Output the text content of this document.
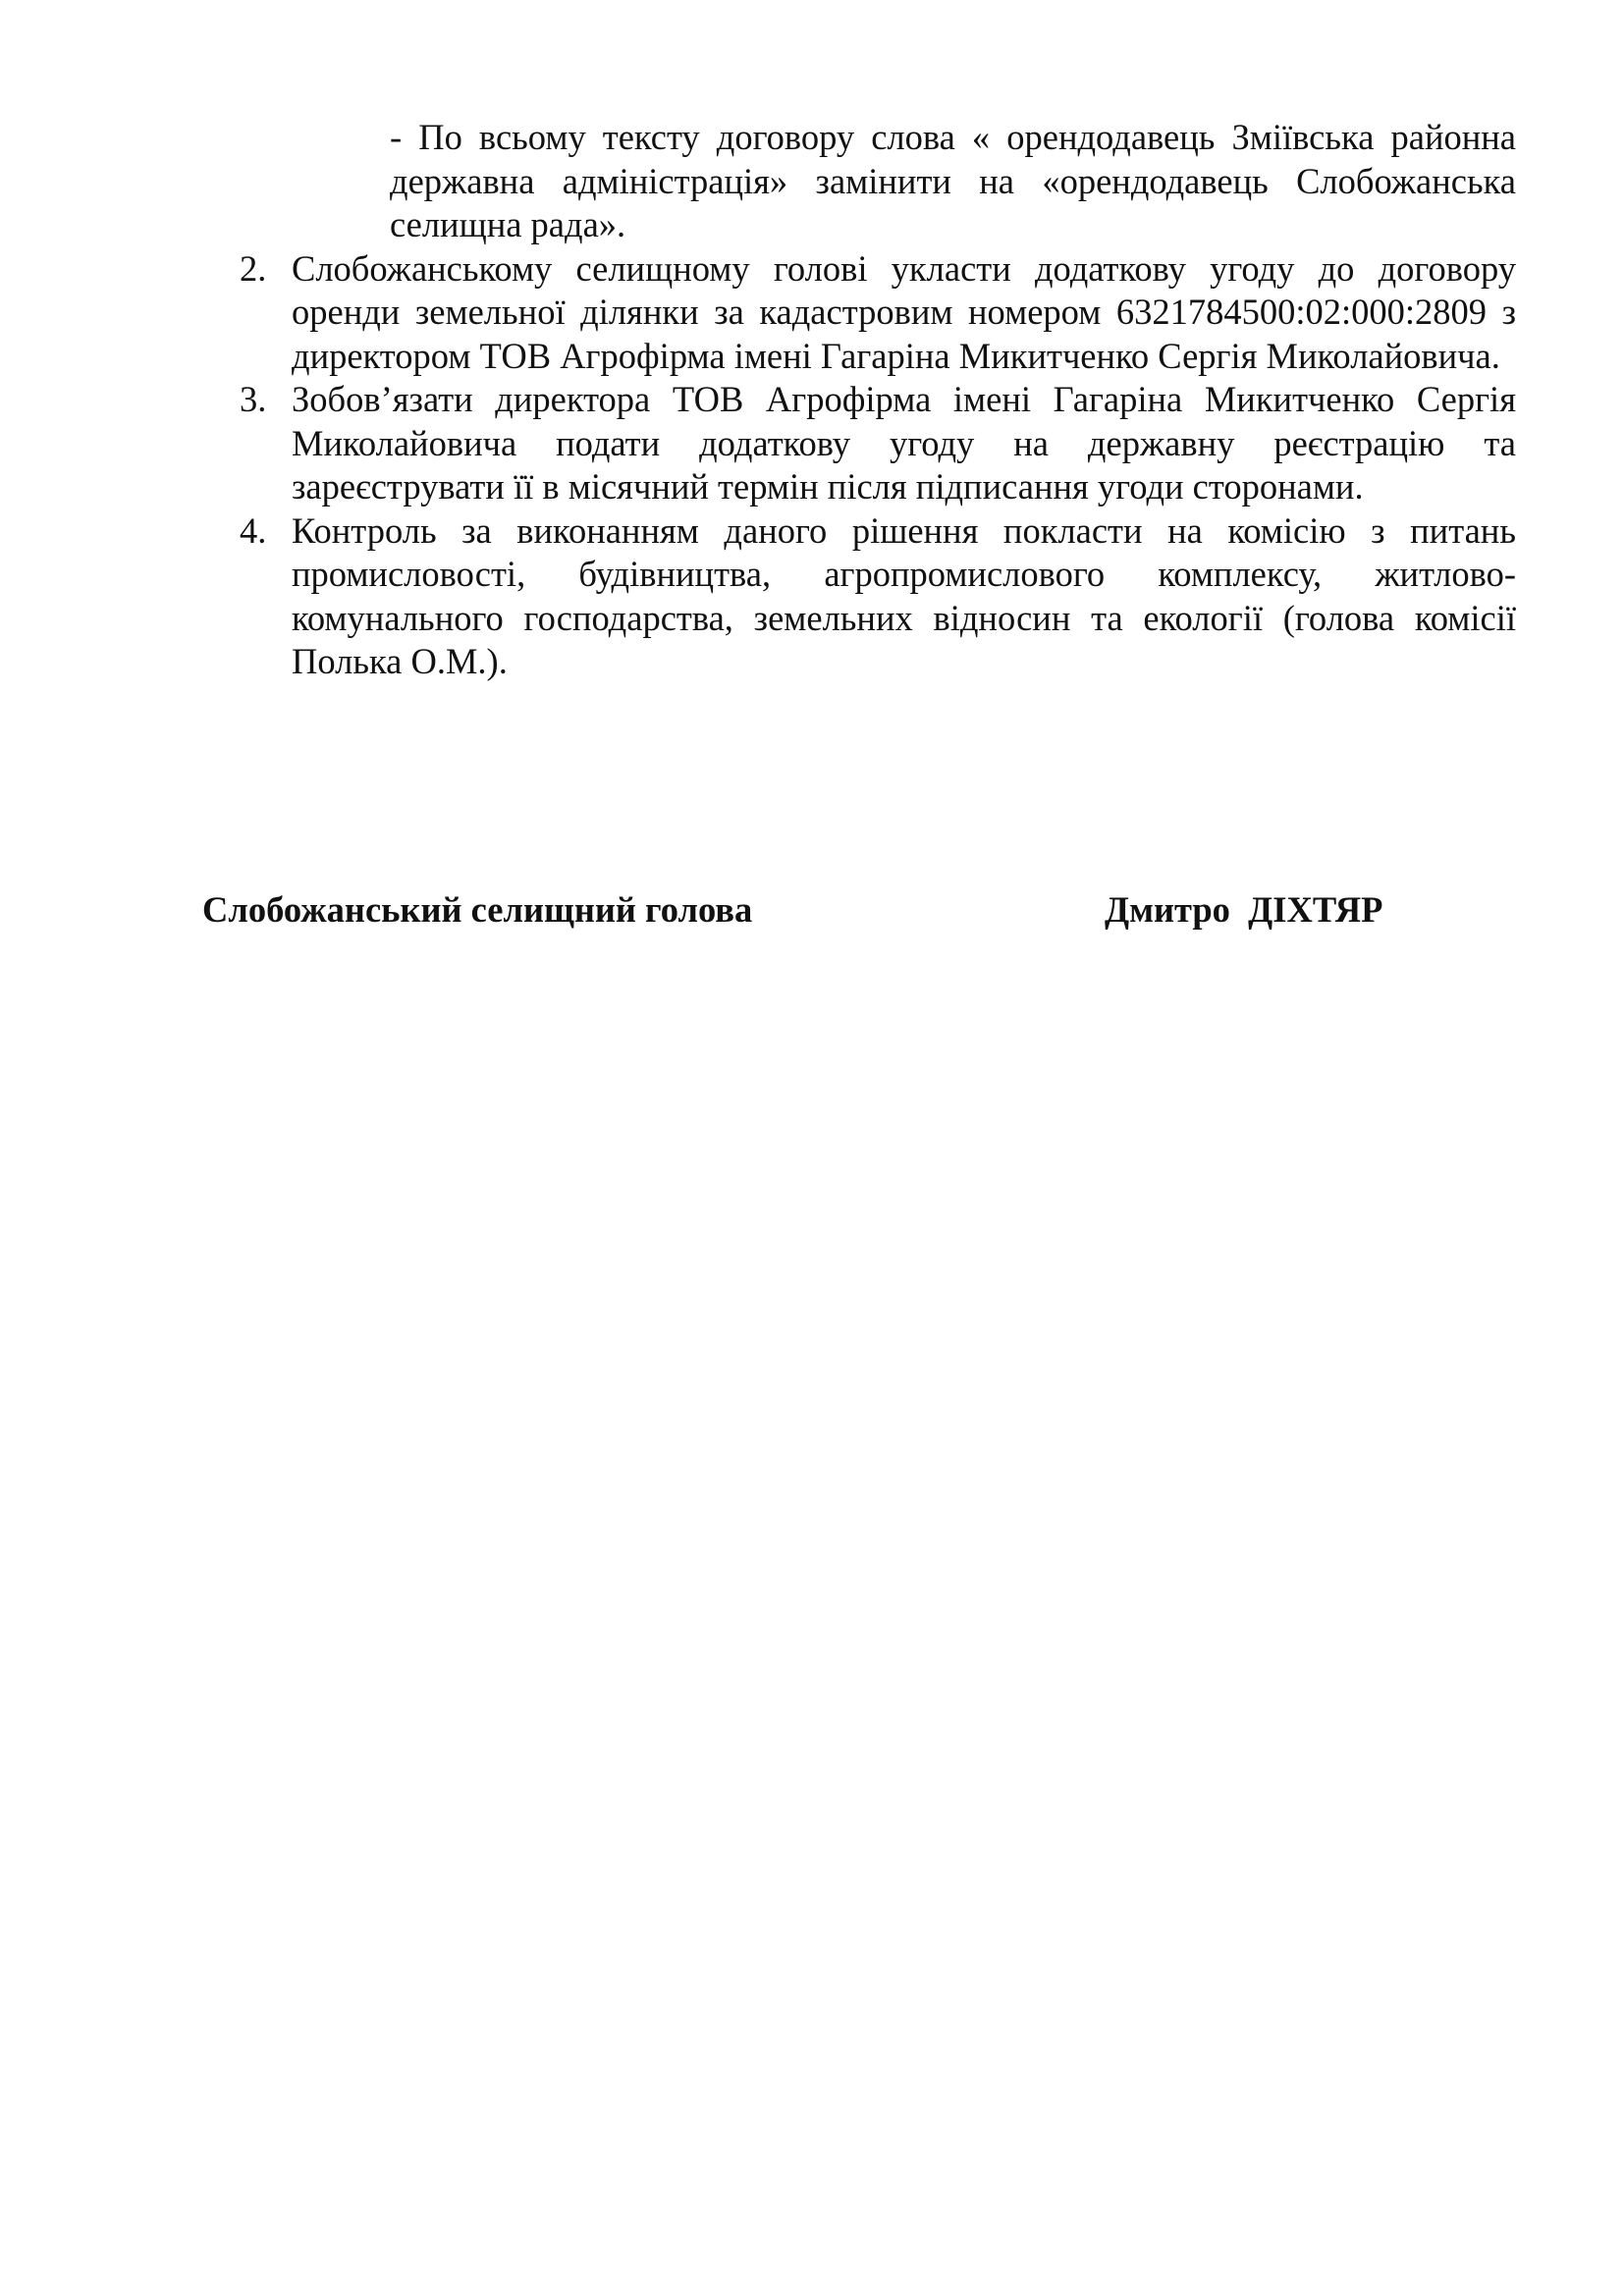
- По всьому тексту договору слова « орендодавець Зміївська районна державна адміністрація» замінити на «орендодавець Слобожанська селищна рада».
2. Слобожанському селищному голові укласти додаткову угоду до договору оренди земельної ділянки за кадастровим номером 6321784500:02:000:2809 з директором ТОВ Агрофірма імені Гагаріна Микитченко Сергія Миколайовича.
3. Зобов’язати директора ТОВ Агрофірма імені Гагаріна Микитченко Сергія Миколайовича подати додаткову угоду на державну реєстрацію та зареєструвати її в місячний термін після підписання угоди сторонами.
4. Контроль за виконанням даного рішення покласти на комісію з питань промисловості, будівництва, агропромислового комплексу, житлово-комунального господарства, земельних відносин та екології (голова комісії Полька О.М.).
Слобожанський селищний голова	Дмитро  ДІХТЯР
